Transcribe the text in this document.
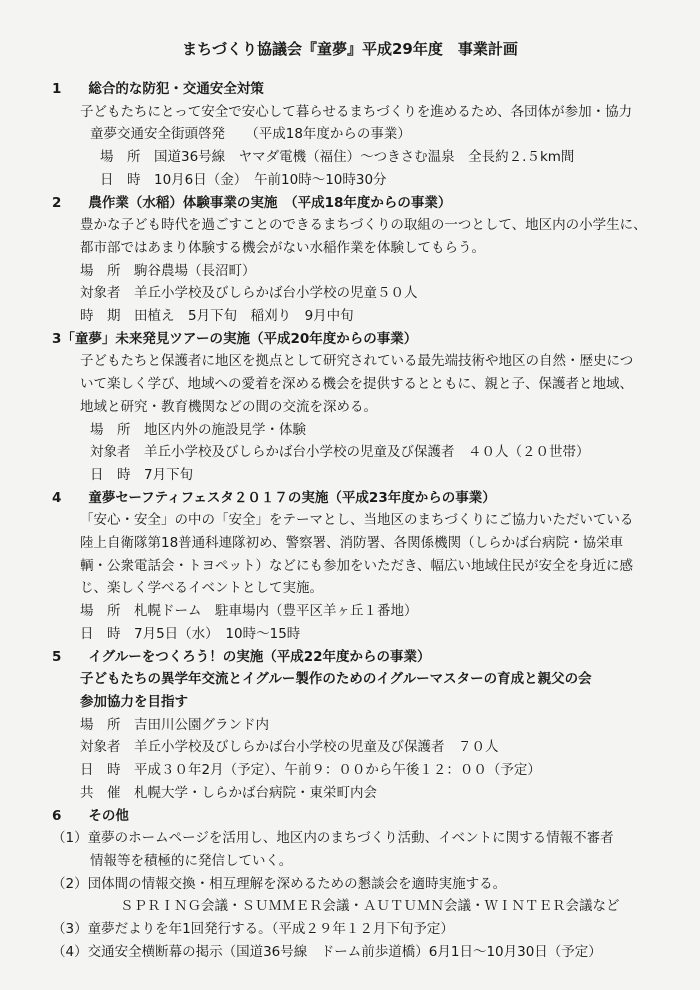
まちづくり協議会『童夢』平成29年度　事業計画
1　　総合的な防犯・交通安全対策
子どもたちにとって安全で安心して暮らせるまちづくりを進めるため、各団体が参加・協力
童夢交通安全街頭啓発　　（平成18年度からの事業）
場　所　国道36号線　ヤマダ電機（福住）～つきさむ温泉　全長約２.５km間
日　時　10月6日（金）　午前10時～10時30分
2　　農作業（水稲）体験事業の実施　（平成18年度からの事業）
豊かな子ども時代を過ごすことのできるまちづくりの取組の一つとして、地区内の小学生に、
都市部ではあまり体験する機会がない水稲作業を体験してもらう。
場　所　駒谷農場（長沼町）
対象者　羊丘小学校及びしらかば台小学校の児童５０人
時　期　田植え　5月下旬　稲刈り　9月中旬
3「童夢」未来発見ツアーの実施（平成20年度からの事業）
子どもたちと保護者に地区を拠点として研究されている最先端技術や地区の自然・歴史につ
いて楽しく学び、地域への愛着を深める機会を提供するとともに、親と子、保護者と地域、
地域と研究・教育機関などの間の交流を深める。
場　所　地区内外の施設見学・体験
対象者　羊丘小学校及びしらかば台小学校の児童及び保護者　４０人（２０世帯）
日　時　7月下旬
4　　童夢セーフティフェスタ２０１７の実施（平成23年度からの事業）
「安心・安全」の中の「安全」をテーマとし、当地区のまちづくりにご協力いただいている
陸上自衛隊第18普通科連隊初め、警察署、消防署、各関係機関（しらかば台病院・協栄車
輌・公衆電話会・トヨペット）などにも参加をいただき、幅広い地域住民が安全を身近に感
じ、楽しく学べるイベントとして実施。
場　所　札幌ドーム　駐車場内（豊平区羊ヶ丘１番地）
日　時　7月5日（水）　10時～15時
5　　イグルーをつくろう！の実施（平成22年度からの事業）
子どもたちの異学年交流とイグルー製作のためのイグルーマスターの育成と親父の会
参加協力を目指す
場　所　吉田川公園グランド内
対象者　羊丘小学校及びしらかば台小学校の児童及び保護者　７０人
日　時　平成３０年2月（予定）、午前９：００から午後１２：００（予定）
共　催　札幌大学・しらかば台病院・東栄町内会
6　　その他
（1）童夢のホームページを活用し、地区内のまちづくり活動、イベントに関する情報不審者
情報等を積極的に発信していく。
（2）団体間の情報交換・相互理解を深めるための懇談会を適時実施する。
ＳＰＲＩＮＧ会議・ＳＵＭＭＥＲ会議・ＡＵＴＵＭＮ会議・ＷＩＮＴＥＲ会議など
（3）童夢だよりを年1回発行する。（平成２９年１２月下旬予定）
（4）交通安全横断幕の掲示（国道36号線　ドーム前歩道橋）6月1日～10月30日（予定）
